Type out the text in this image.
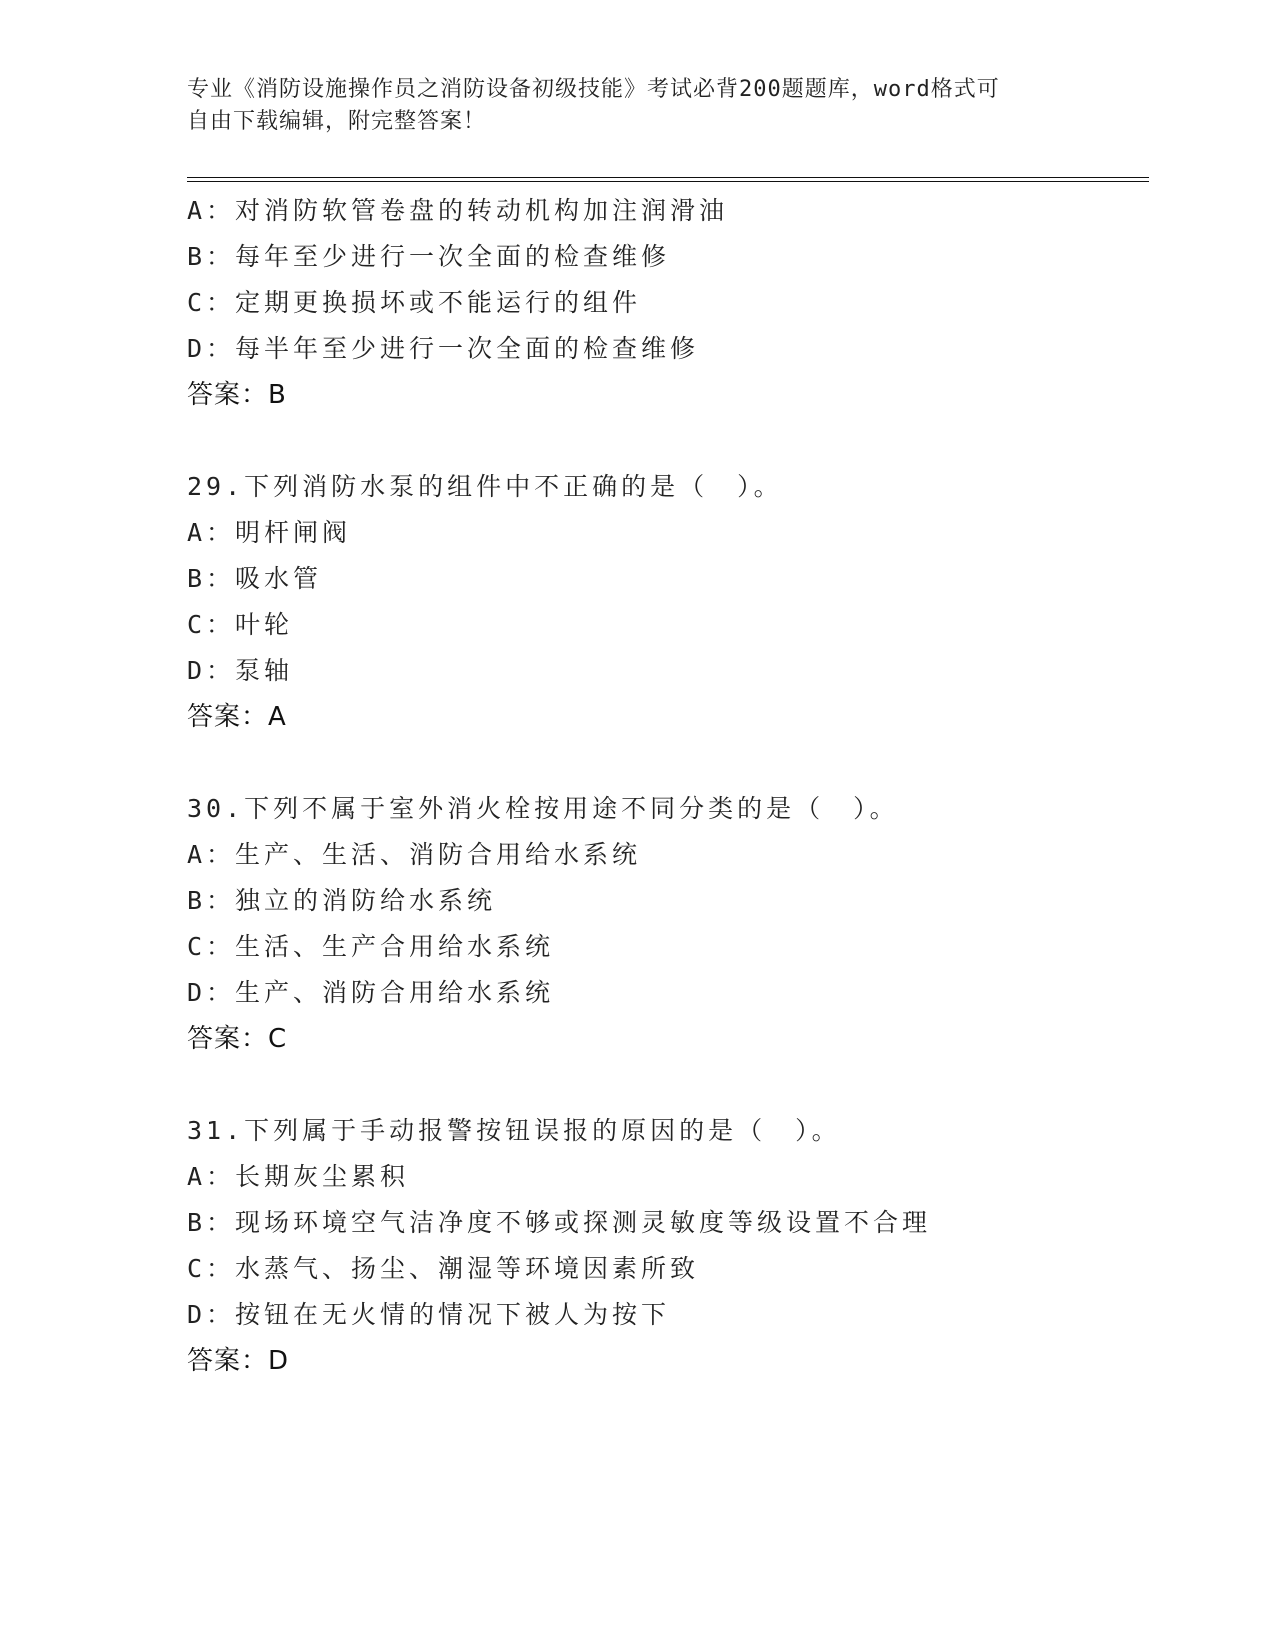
专业《消防设施操作员之消防设备初级技能》考试必背200题题库，word格式可
自由下载编辑，附完整答案！
A：对消防软管卷盘的转动机构加注润滑油
B：每年至少进行一次全面的检查维修
C：定期更换损坏或不能运行的组件
D：每半年至少进行一次全面的检查维修
答案：B
29.下列消防水泵的组件中不正确的是（　）。
A：明杆闸阀
B：吸水管
C：叶轮
D：泵轴
答案：A
30.下列不属于室外消火栓按用途不同分类的是（　）。
A：生产、生活、消防合用给水系统
B：独立的消防给水系统
C：生活、生产合用给水系统
D：生产、消防合用给水系统
答案：C
31.下列属于手动报警按钮误报的原因的是（　）。
A：长期灰尘累积
B：现场环境空气洁净度不够或探测灵敏度等级设置不合理
C：水蒸气、扬尘、潮湿等环境因素所致
D：按钮在无火情的情况下被人为按下
答案：D
